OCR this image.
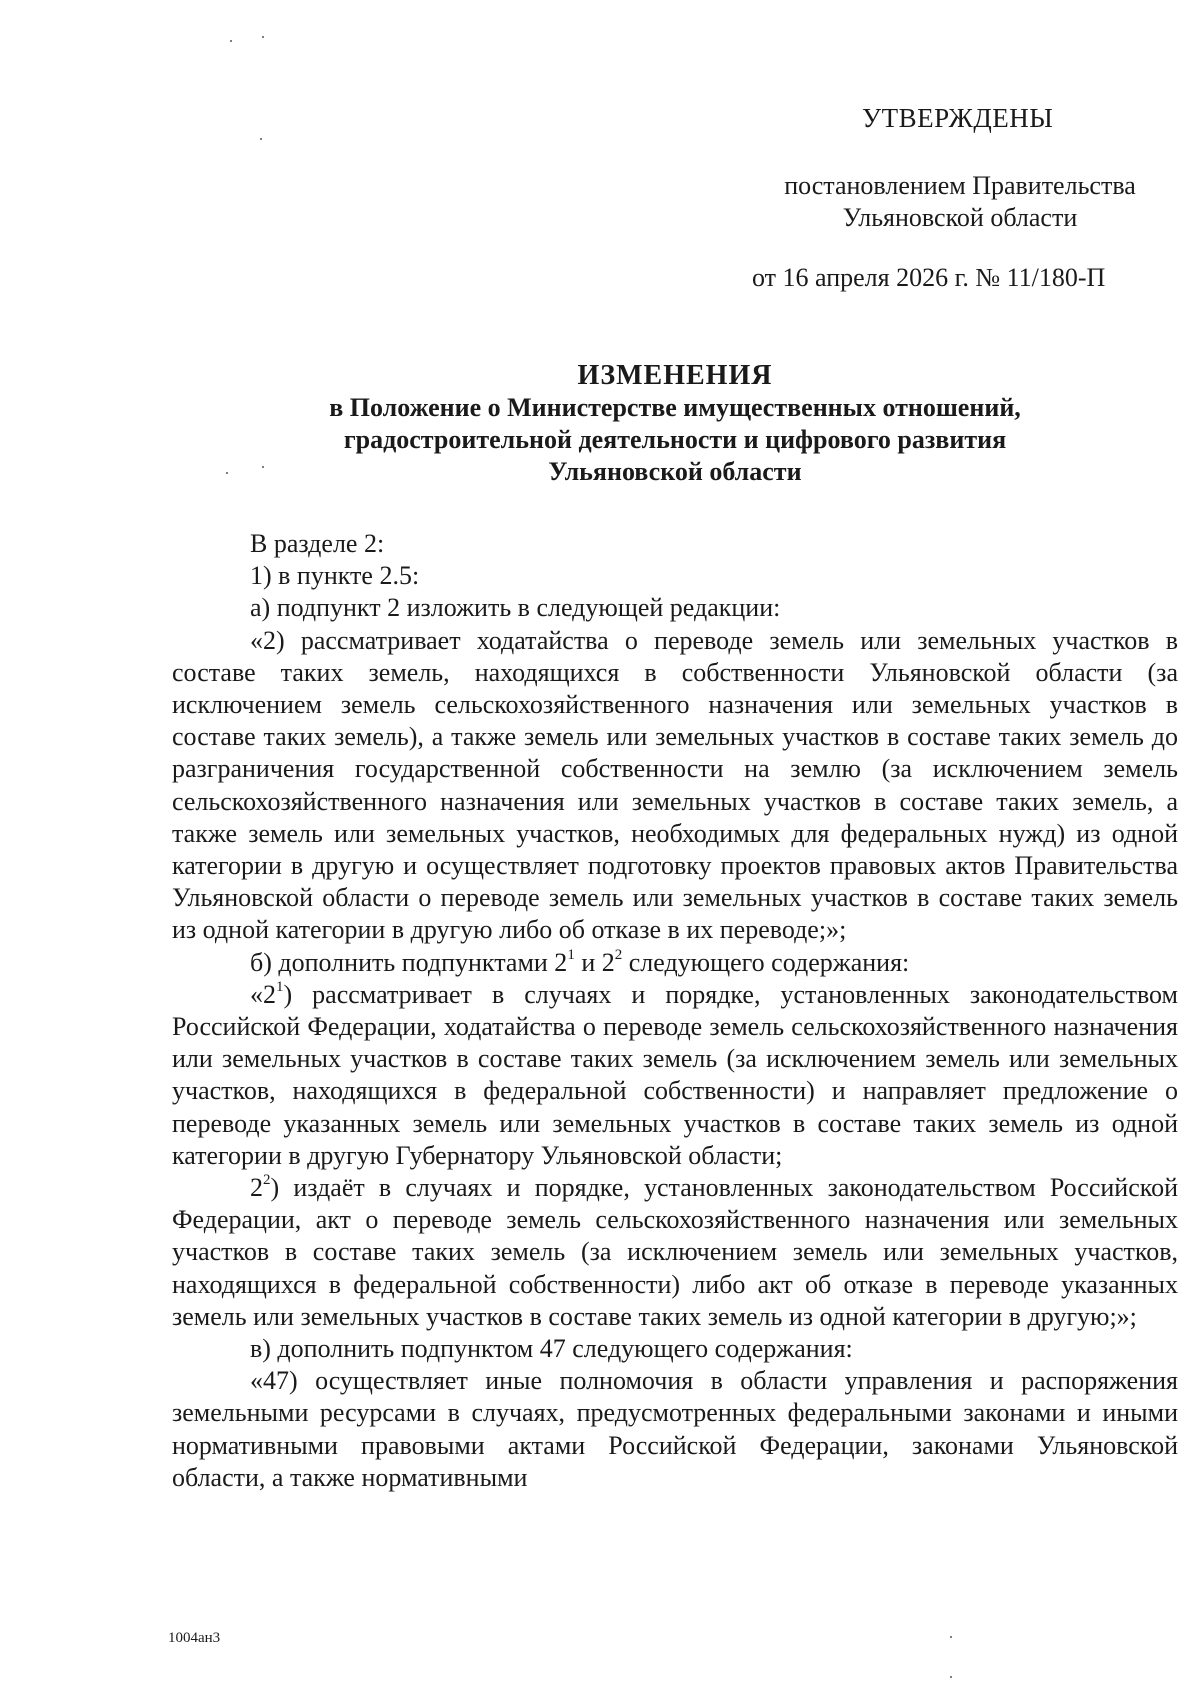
УТВЕРЖДЕНЫ
постановлением Правительства
Ульяновской области
от 16 апреля 2026 г. № 11/180-П
ИЗМЕНЕНИЯ
в Положение о Министерстве имущественных отношений,
градостроительной деятельности и цифрового развития
Ульяновской области

В разделе 2:

1) в пункте 2.5:

а) подпункт 2 изложить в следующей редакции:

«2) рассматривает ходатайства о переводе земель или земельных участков в составе таких земель, находящихся в собственности Ульяновской области (за исключением земель сельскохозяйственного назначения или земельных участков в составе таких земель), а также земель или земельных участков в составе таких земель до разграничения государственной собственности на землю (за исключением земель сельскохозяйственного назначения или земельных участков в составе таких земель, а также земель или земельных участков, необходимых для федеральных нужд) из одной категории в другую и осуществляет подготовку проектов правовых актов Правительства Ульяновской области о переводе земель или земельных участков в составе таких земель из одной категории в другую либо об отказе в их переводе;»;

б) дополнить подпунктами $2^1$ и $2^2$ следующего содержания:

«$2^1$) рассматривает в случаях и порядке, установленных законодательством Российской Федерации, ходатайства о переводе земель сельскохозяйственного назначения или земельных участков в составе таких земель (за исключением земель или земельных участков, находящихся в федеральной собственности) и направляет предложение о переводе указанных земель или земельных участков в составе таких земель из одной категории в другую Губернатору Ульяновской области;

$2^2$) издаёт в случаях и порядке, установленных законодательством Российской Федерации, акт о переводе земель сельскохозяйственного назначения или земельных участков в составе таких земель (за исключением земель или земельных участков, находящихся в федеральной собственности) либо акт об отказе в переводе указанных земель или земельных участков в составе таких земель из одной категории в другую;»;

в) дополнить подпунктом 47 следующего содержания:

«47) осуществляет иные полномочия в области управления и распоряжения земельными ресурсами в случаях, предусмотренных федеральными законами и иными нормативными правовыми актами Российской Федерации, законами Ульяновской области, а также нормативными

1004ан3
